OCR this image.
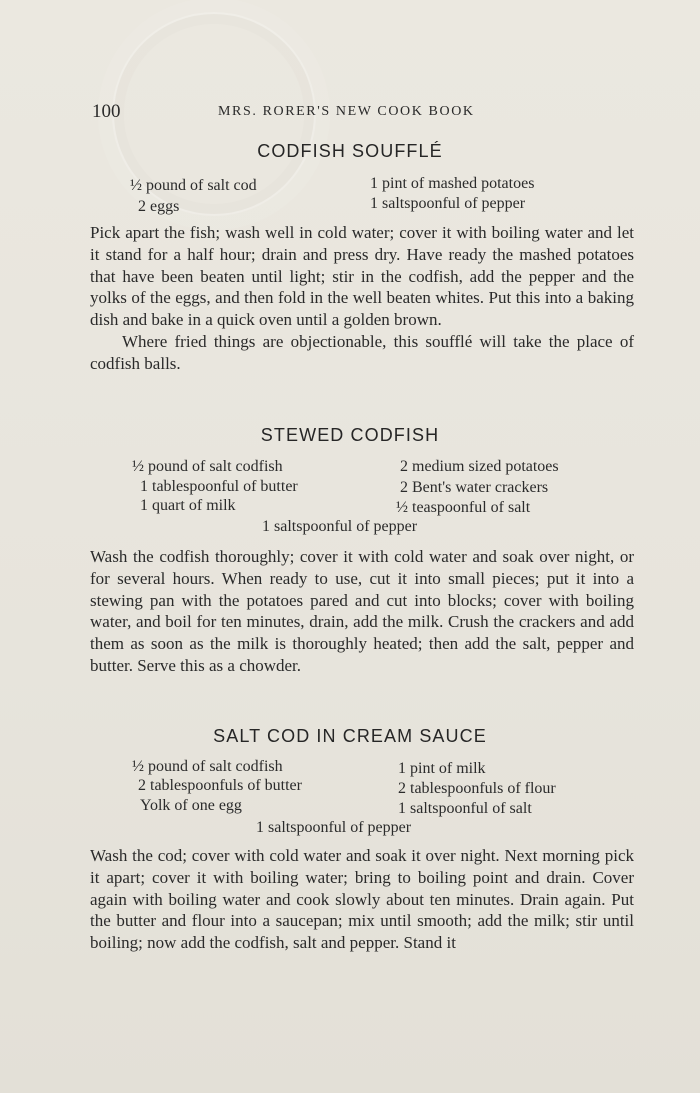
100	MRS. RORER'S NEW COOK BOOK
CODFISH SOUFFLÉ
½ pound of salt cod
2 eggs
1 pint of mashed potatoes
1 saltspoonful of pepper

Pick apart the fish; wash well in cold water; cover it with boiling water and let it stand for a half hour; drain and press dry. Have ready the mashed potatoes that have been beaten until light; stir in the codfish, add the pepper and the yolks of the eggs, and then fold in the well beaten whites. Put this into a baking dish and bake in a quick oven until a golden brown.

Where fried things are objectionable, this soufflé will take the place of codfish balls.

STEWED CODFISH
½ pound of salt codfish
1 tablespoonful of butter
1 quart of milk
2 medium sized potatoes
2 Bent's water crackers
½ teaspoonful of salt
1 saltspoonful of pepper

Wash the codfish thoroughly; cover it with cold water and soak over night, or for several hours. When ready to use, cut it into small pieces; put it into a stewing pan with the potatoes pared and cut into blocks; cover with boiling water, and boil for ten minutes, drain, add the milk. Crush the crackers and add them as soon as the milk is thoroughly heated; then add the salt, pepper and butter. Serve this as a chowder.

SALT COD IN CREAM SAUCE
½ pound of salt codfish
2 tablespoonfuls of butter
Yolk of one egg
1 pint of milk
2 tablespoonfuls of flour
1 saltspoonful of salt
1 saltspoonful of pepper

Wash the cod; cover with cold water and soak it over night. Next morning pick it apart; cover it with boiling water; bring to boiling point and drain. Cover again with boiling water and cook slowly about ten minutes. Drain again. Put the butter and flour into a saucepan; mix until smooth; add the milk; stir until boiling; now add the codfish, salt and pepper. Stand it
